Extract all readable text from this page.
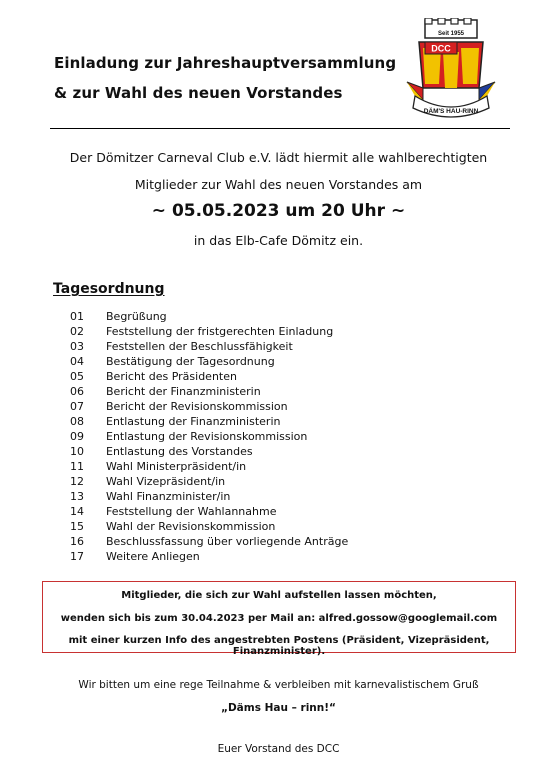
Einladung zur Jahreshauptversammlung
& zur Wahl des neuen Vorstandes
Seit 1955
DCC
DÄM'S HAU-RINN
Der Dömitzer Carneval Club e.V. lädt hiermit alle wahlberechtigten
Mitglieder zur Wahl des neuen Vorstandes am
~ 05.05.2023 um 20 Uhr ~
in das Elb-Cafe Dömitz ein.
Tagesordnung
01	Begrüßung
02	Feststellung der fristgerechten Einladung
03	Feststellen der Beschlussfähigkeit
04	Bestätigung der Tagesordnung
05	Bericht des Präsidenten
06	Bericht der Finanzministerin
07	Bericht der Revisionskommission
08	Entlastung der Finanzministerin
09	Entlastung der Revisionskommission
10	Entlastung des Vorstandes
11	Wahl Ministerpräsident/in
12	Wahl Vizepräsident/in
13	Wahl Finanzminister/in
14	Feststellung der Wahlannahme
15	Wahl der Revisionskommission
16	Beschlussfassung über vorliegende Anträge
17	Weitere Anliegen
Mitglieder, die sich zur Wahl aufstellen lassen möchten,
wenden sich bis zum 30.04.2023 per Mail an: alfred.gossow@googlemail.com
mit einer kurzen Info des angestrebten Postens (Präsident, Vizepräsident, Finanzminister).
Wir bitten um eine rege Teilnahme & verbleiben mit karnevalistischem Gruß
„Däms Hau – rinn!“
Euer Vorstand des DCC
